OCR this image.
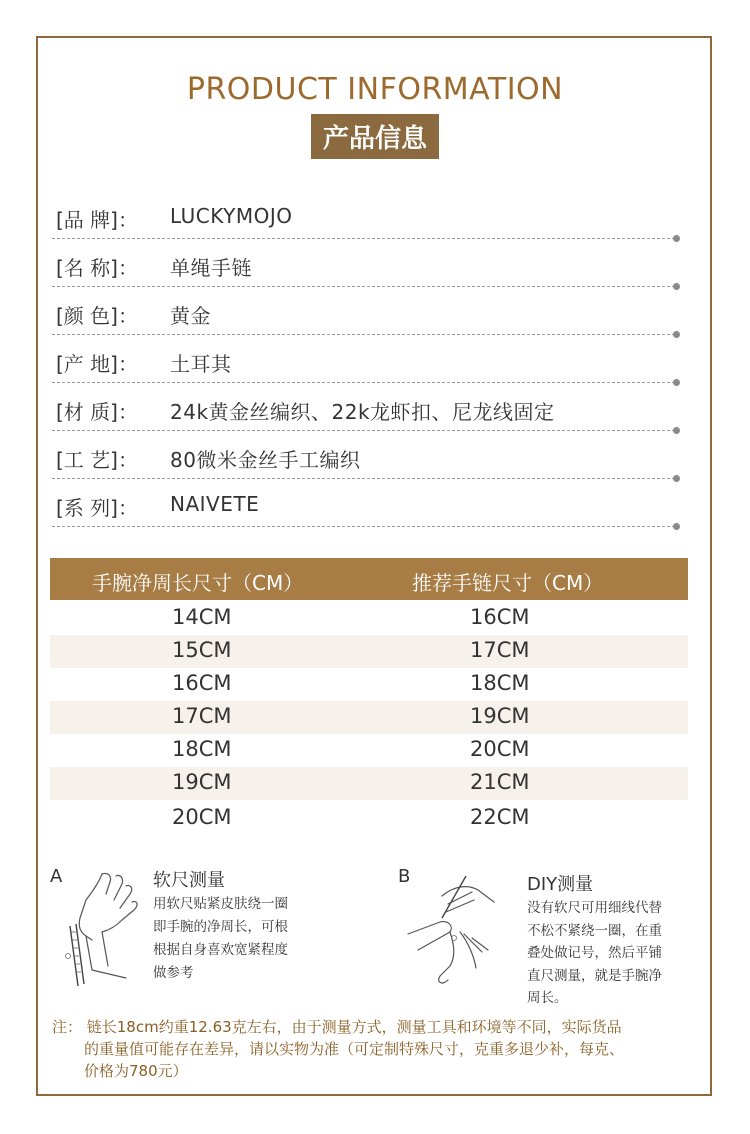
PRODUCT INFORMATION
产品信息
[品 牌]： LUCKYMOJO
[名 称]： 单绳手链
[颜 色]： 黄金
[产 地]： 土耳其
[材 质]： 24k黄金丝编织、22k龙虾扣、尼龙线固定
[工 艺]： 80微米金丝手工编织
[系 列]： NAIVETE
手腕净周长尺寸（CM）	推荐手链尺寸（CM）
14CM	16CM
15CM	17CM
16CM	18CM
17CM	19CM
18CM	20CM
19CM	21CM
20CM	22CM
A	软尺测量
用软尺贴紧皮肤绕一圈
即手腕的净周长，可根
根据自身喜欢宽紧程度
做参考
B	DIY测量
没有软尺可用细线代替
不松不紧绕一圈，在重
叠处做记号，然后平铺
直尺测量，就是手腕净
周长。
注： 链长18cm约重12.63克左右，由于测量方式，测量工具和环境等不同，实际货品
的重量值可能存在差异，请以实物为准（可定制特殊尺寸，克重多退少补，每克、
价格为780元）
